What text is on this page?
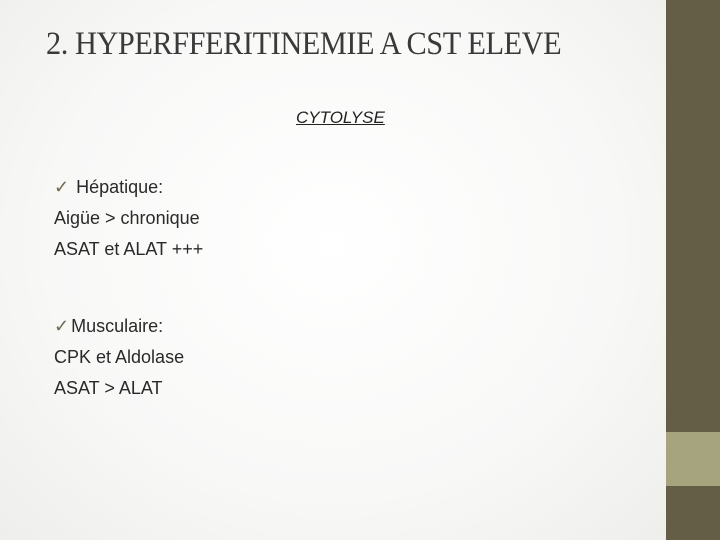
2. HYPERFFERITINEMIE A CST ELEVE
CYTOLYSE
✓ Hépatique:
Aigüe > chronique
ASAT et ALAT +++
✓ Musculaire:
CPK et Aldolase
ASAT > ALAT
